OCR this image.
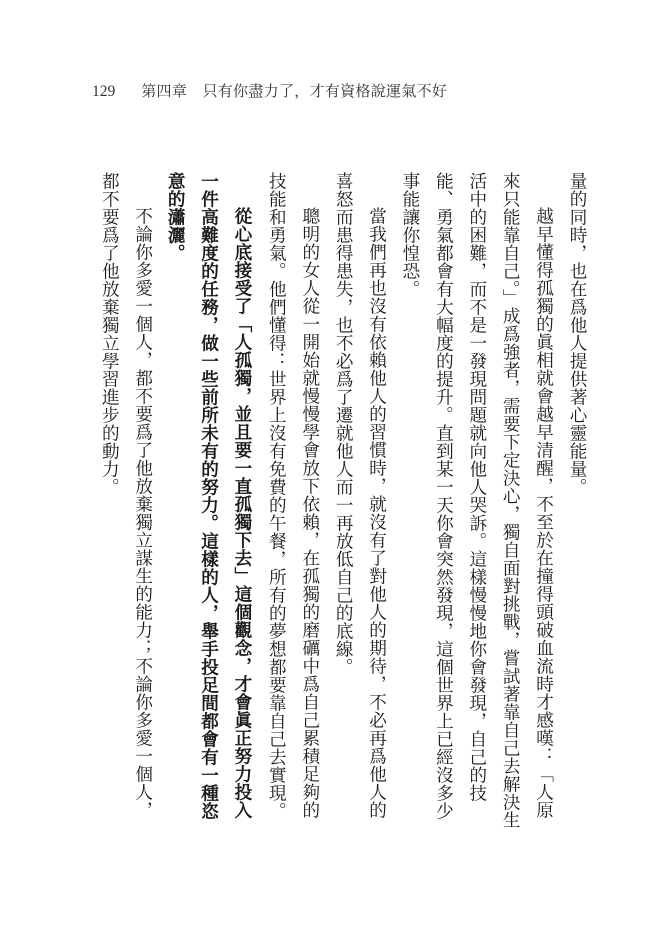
129 第四章　只有你盡力了，才有資格說運氣不好

量的同時，也在爲他人提供著心靈能量。

越早懂得孤獨的眞相就會越早清醒，不至於在撞得頭破血流時才感嘆：「人原來只能靠自己。」成爲強者，需要下定決心，獨自面對挑戰，嘗試著靠自己去解決生活中的困難，而不是一發現問題就向他人哭訴。這樣慢慢地你會發現，自己的技能、勇氣都會有大幅度的提升。直到某一天你會突然發現，這個世界上已經沒多少事能讓你惶恐。

當我們再也沒有依賴他人的習慣時，就沒有了對他人的期待，不必再爲他人的喜怒而患得患失，也不必爲了遷就他人而一再放低自己的底線。

聰明的女人從一開始就慢慢學會放下依賴，在孤獨的磨礪中爲自己累積足夠的技能和勇氣。他們懂得：世界上沒有免費的午餐，所有的夢想都要靠自己去實現。

從心底接受了「人孤獨，並且要一直孤獨下去」這個觀念，才會眞正努力投入一件高難度的任務，做一些前所未有的努力。這樣的人，舉手投足間都會有一種恣意的瀟灑。

不論你多愛一個人，都不要爲了他放棄獨立謀生的能力；不論你多愛一個人，都不要爲了他放棄獨立學習進步的動力。
